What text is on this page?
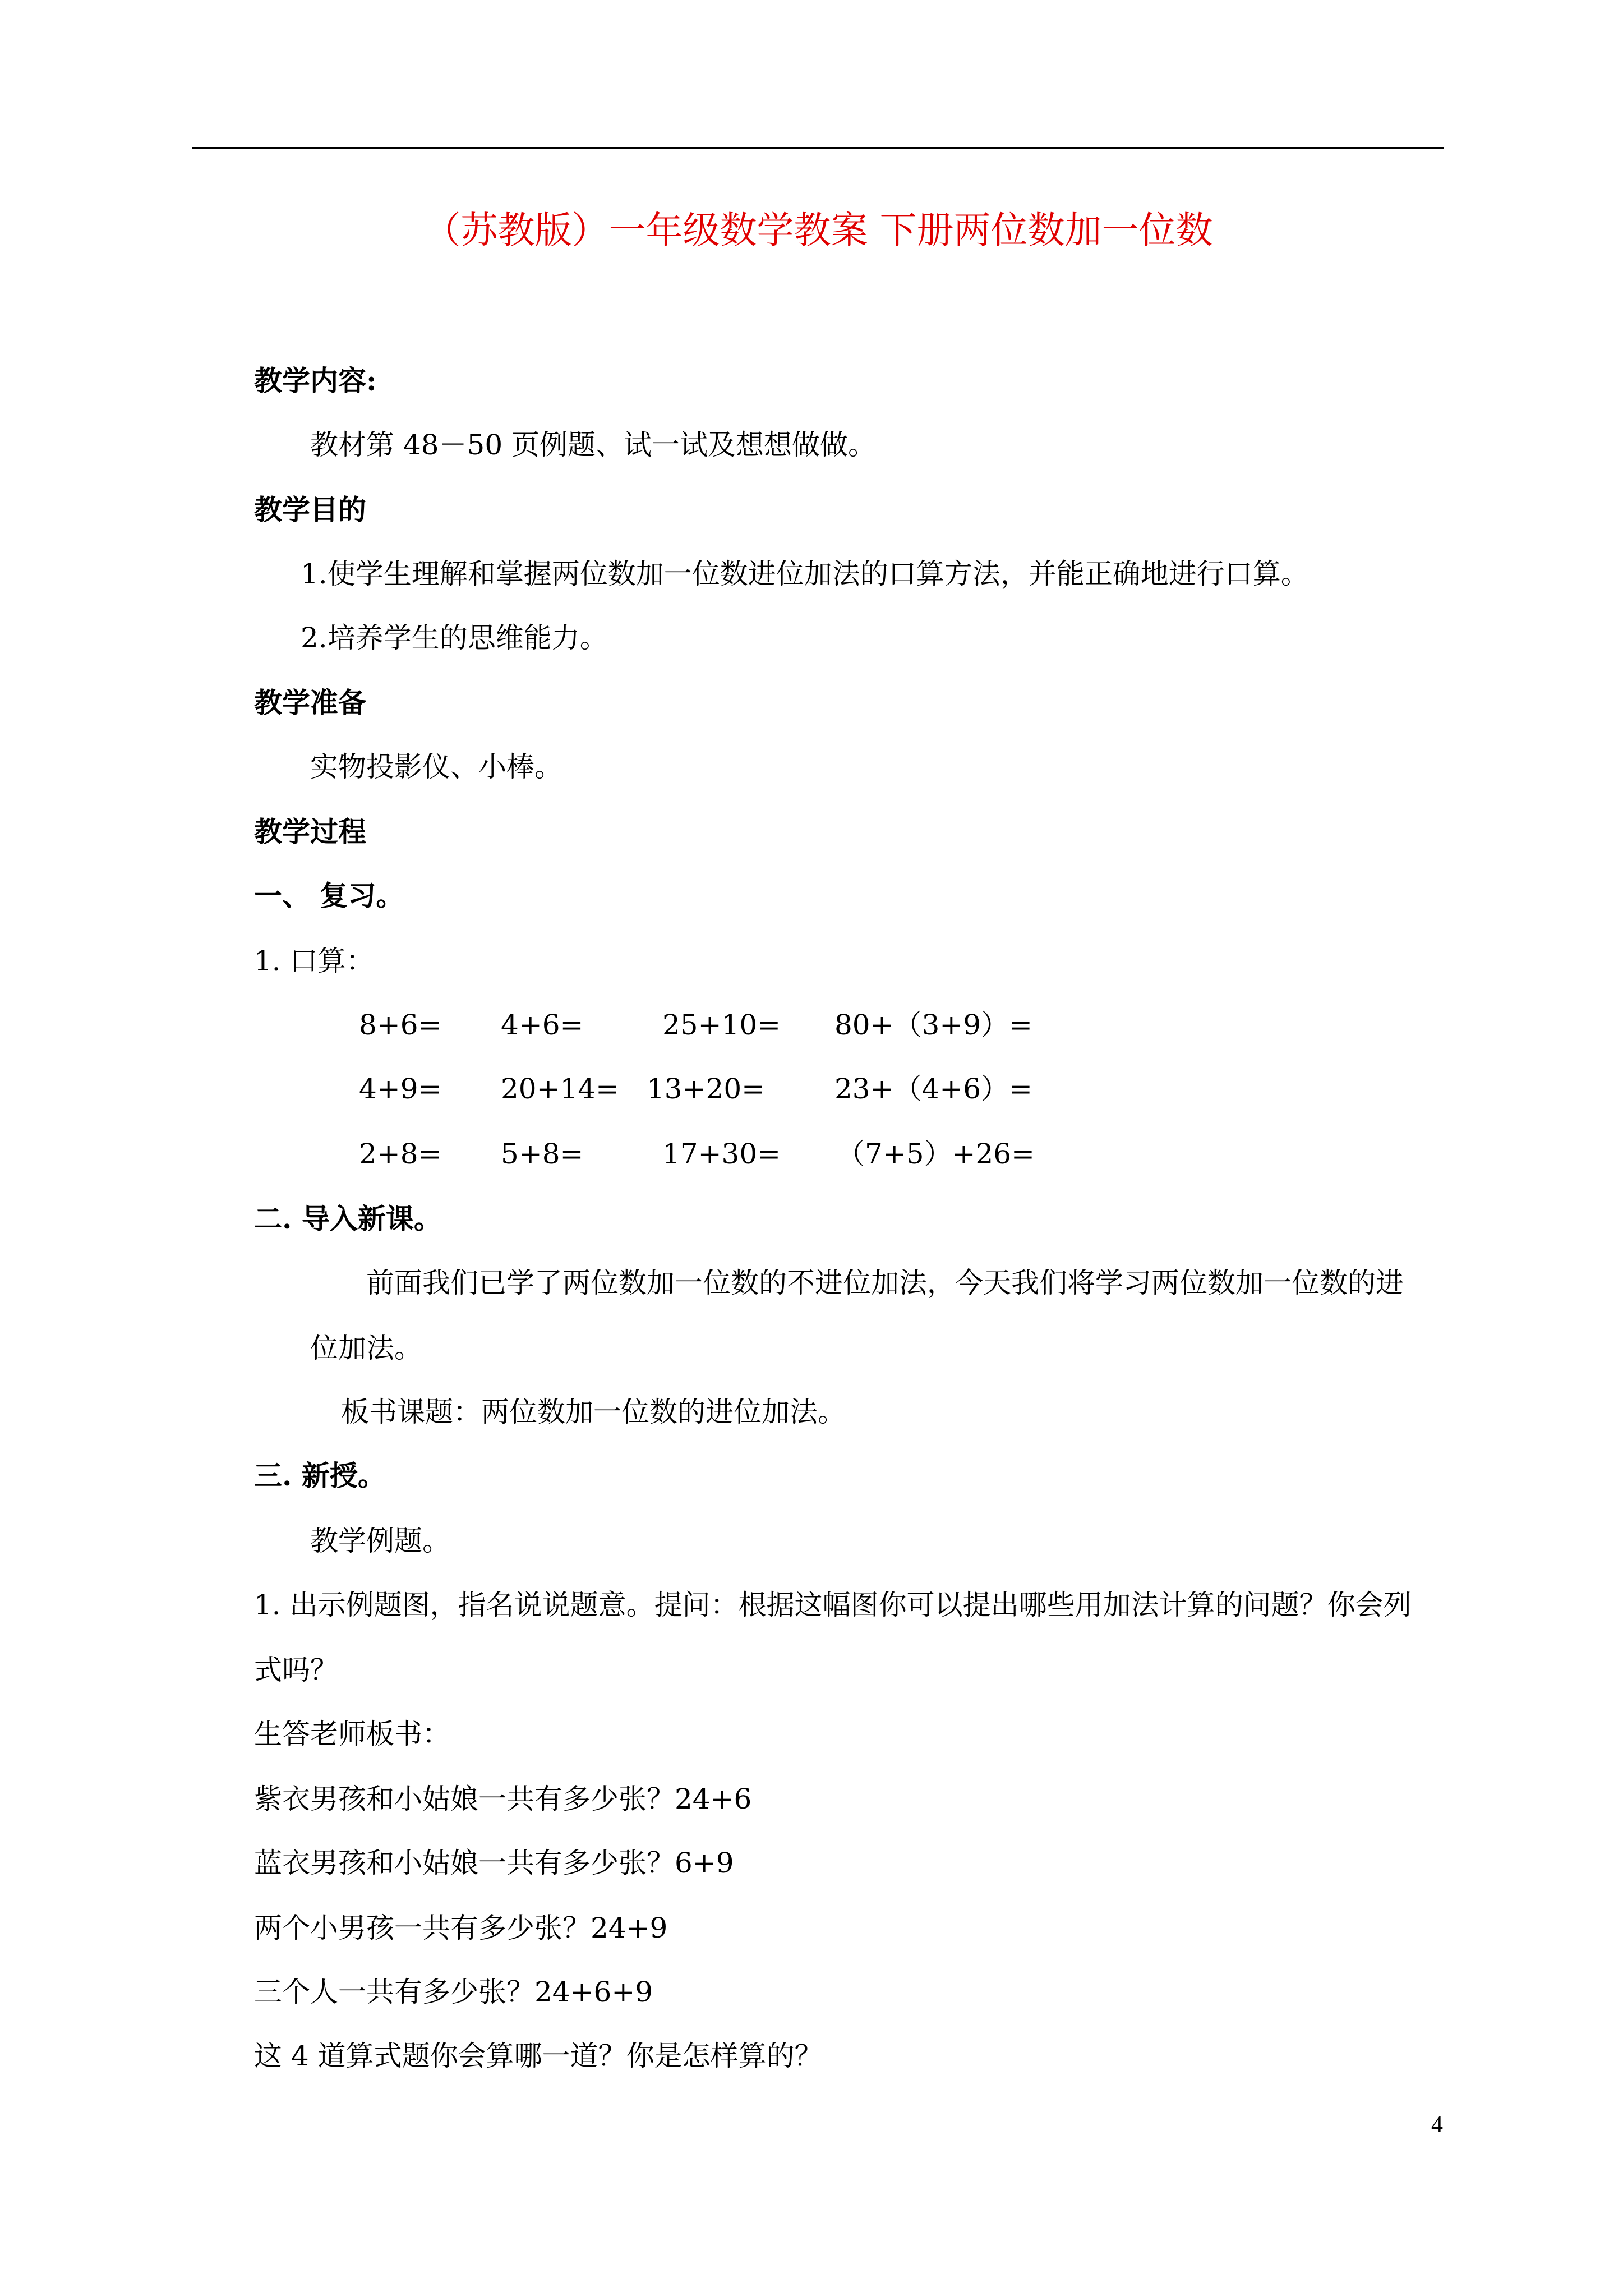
（苏教版）一年级数学教案 下册两位数加一位数
教学内容:
教材第 48－50 页例题、试一试及想想做做。
教学目的
1.使学生理解和掌握两位数加一位数进位加法的口算方法，并能正确地进行口算。
2.培养学生的思维能力。
教学准备
实物投影仪、小棒。
教学过程
一、 复习。
1. 口算：
8+6= 4+6=	25+10= 80+（3+9）=
4+9= 20+14= 13+20= 23+（4+6）=
2+8= 5+8=	17+30= （7+5）+26=
二. 导入新课。
前面我们已学了两位数加一位数的不进位加法，今天我们将学习两位数加一位数的进
位加法。
板书课题：两位数加一位数的进位加法。
三. 新授。
教学例题。
1. 出示例题图，指名说说题意。提问：根据这幅图你可以提出哪些用加法计算的问题？你会列
式吗？
生答老师板书：
紫衣男孩和小姑娘一共有多少张？24+6
蓝衣男孩和小姑娘一共有多少张？6+9
两个小男孩一共有多少张？24+9
三个人一共有多少张？24+6+9
这 4 道算式题你会算哪一道？你是怎样算的？
4
